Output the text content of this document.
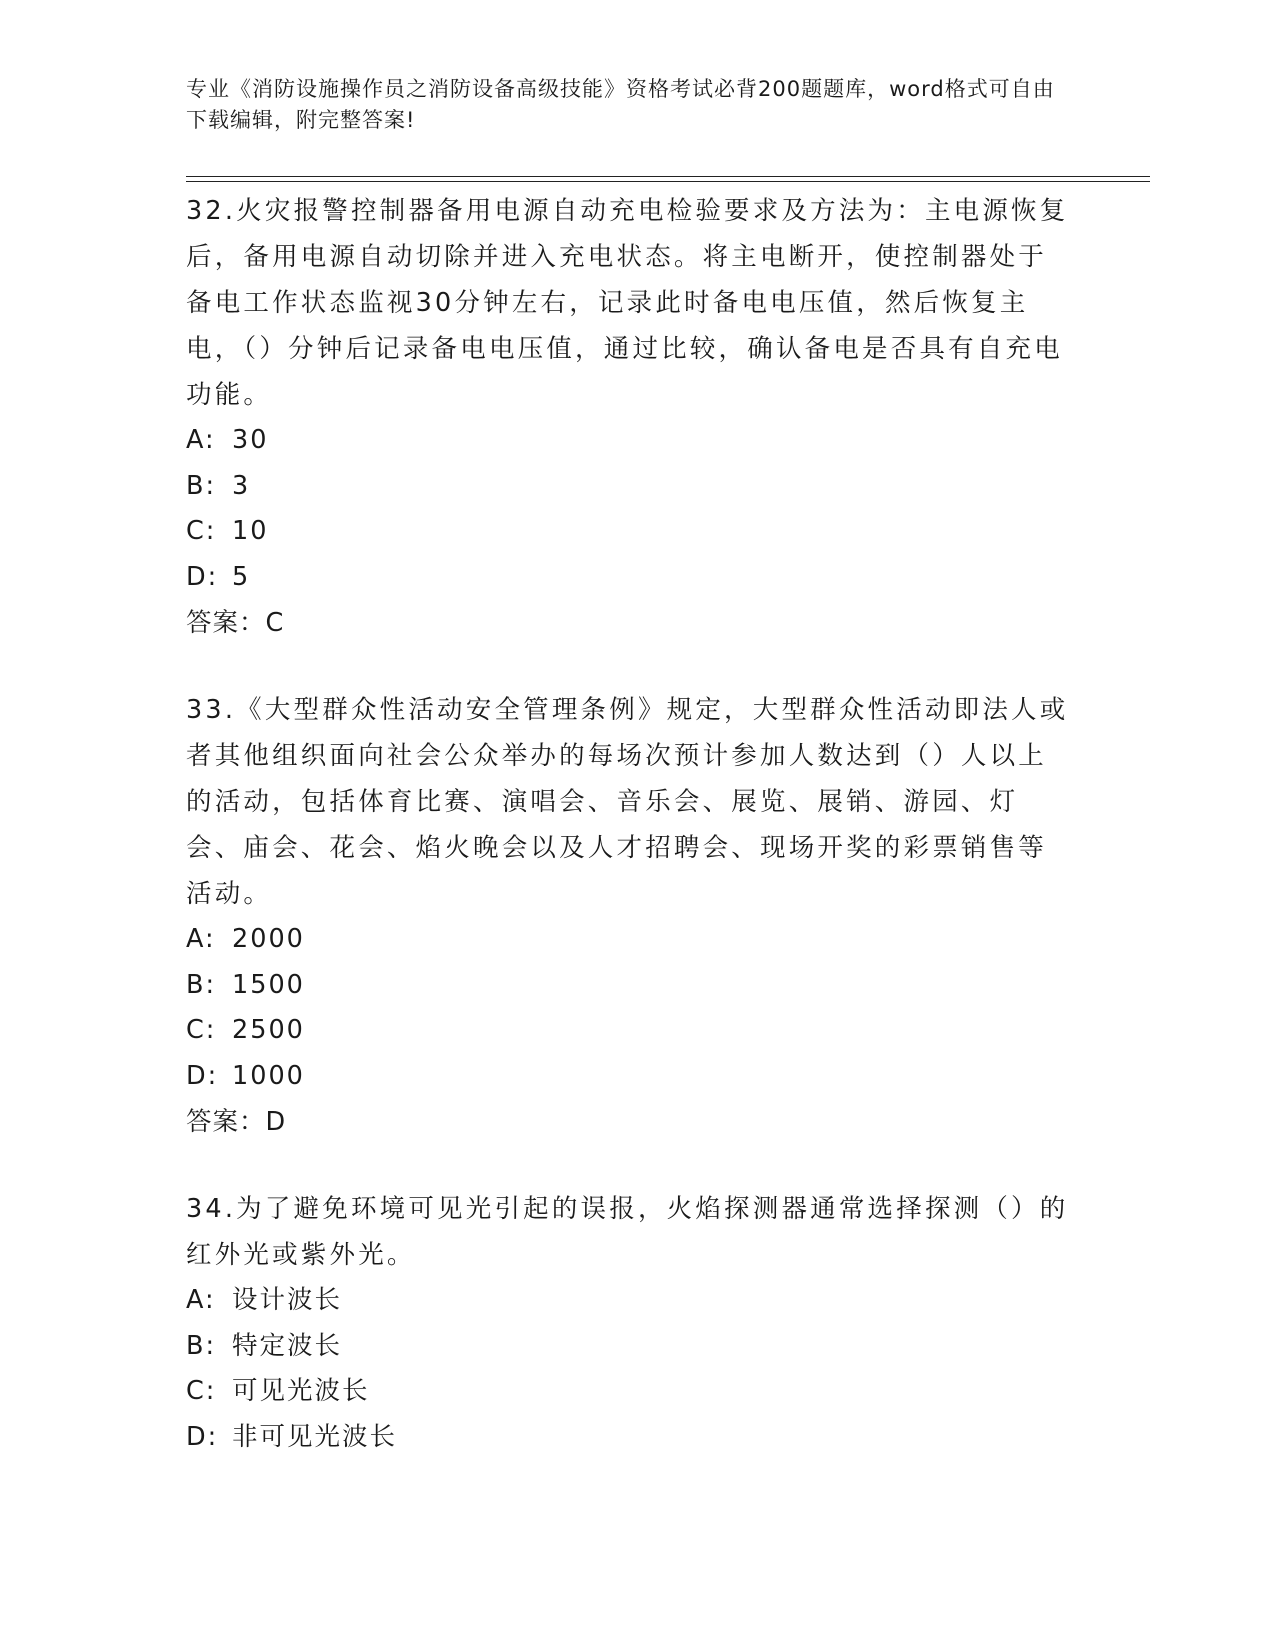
专业《消防设施操作员之消防设备高级技能》资格考试必背200题题库，word格式可自由下载编辑，附完整答案!

32.火灾报警控制器备用电源自动充电检验要求及方法为：主电源恢复后，备用电源自动切除并进入充电状态。将主电断开，使控制器处于备电工作状态监视30分钟左右，记录此时备电电压值，然后恢复主电，（）分钟后记录备电电压值，通过比较，确认备电是否具有自充电功能。

A: 30

B: 3

C: 10

D: 5

答案：C

33.《大型群众性活动安全管理条例》规定，大型群众性活动即法人或者其他组织面向社会公众举办的每场次预计参加人数达到（）人以上的活动，包括体育比赛、演唱会、音乐会、展览、展销、游园、灯会、庙会、花会、焰火晚会以及人才招聘会、现场开奖的彩票销售等活动。

A: 2000

B: 1500

C: 2500

D: 1000

答案：D

34.为了避免环境可见光引起的误报，火焰探测器通常选择探测（）的红外光或紫外光。

A: 设计波长

B: 特定波长

C: 可见光波长

D: 非可见光波长
